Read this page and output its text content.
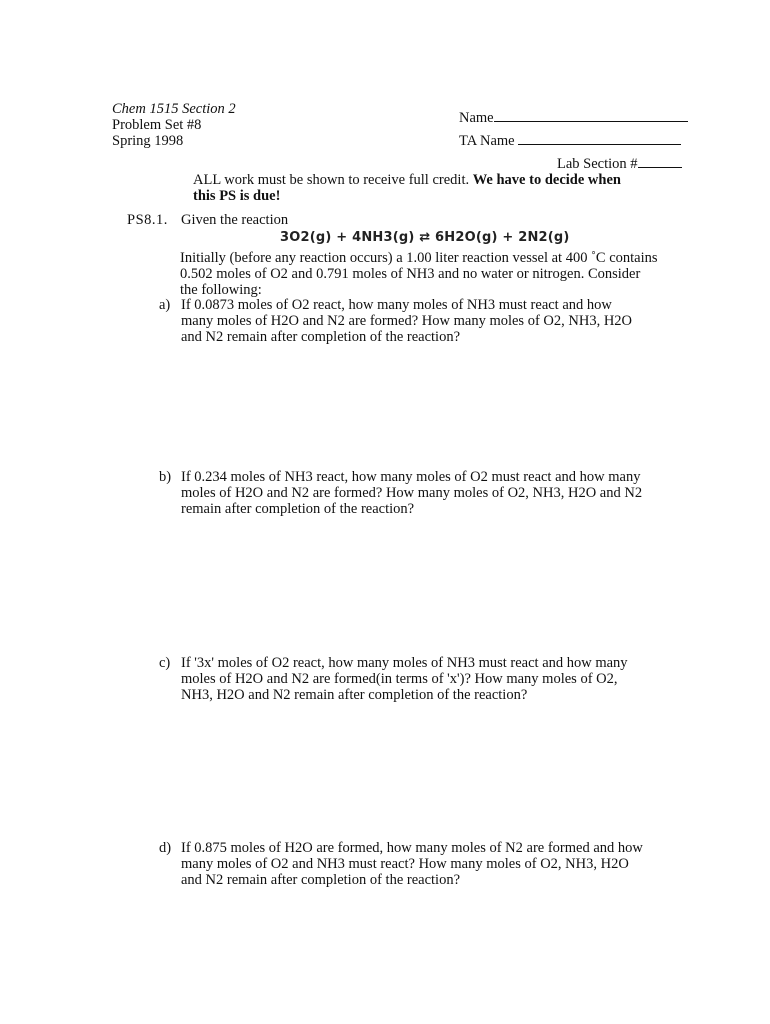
Chem 1515 Section 2
Problem Set #8
Spring 1998
Name
TA Name
Lab Section #
ALL work must be shown to receive full credit. We have to decide when
this PS is due!
PS8.1. Given the reaction
3O2(g) + 4NH3(g) ⇄ 6H2O(g) + 2N2(g)
Initially (before any reaction occurs) a 1.00 liter reaction vessel at 400 ˚C contains
0.502 moles of O2 and 0.791 moles of NH3 and no water or nitrogen. Consider
the following:
a) If 0.0873 moles of O2 react, how many moles of NH3 must react and how
many moles of H2O and N2 are formed? How many moles of O2, NH3, H2O
and N2 remain after completion of the reaction?
b) If 0.234 moles of NH3 react, how many moles of O2 must react and how many
moles of H2O and N2 are formed? How many moles of O2, NH3, H2O and N2
remain after completion of the reaction?
c) If '3x' moles of O2 react, how many moles of NH3 must react and how many
moles of H2O and N2 are formed(in terms of 'x')? How many moles of O2,
NH3, H2O and N2 remain after completion of the reaction?
d) If 0.875 moles of H2O are formed, how many moles of N2 are formed and how
many moles of O2 and NH3 must react? How many moles of O2, NH3, H2O
and N2 remain after completion of the reaction?
